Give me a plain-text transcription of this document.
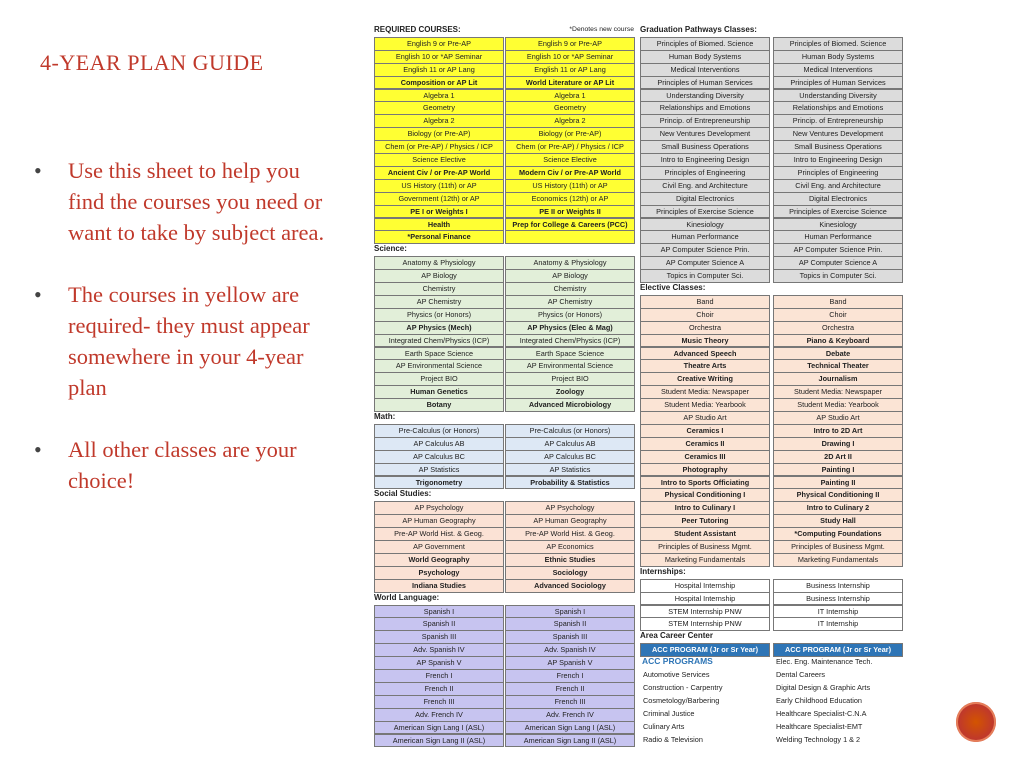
4-YEAR PLAN GUIDE
• Use this sheet to help you find the courses you need or want to take by subject area.
• The courses in yellow are required- they must appear somewhere in your 4-year plan
• All other classes are your choice!
REQUIRED COURSES:	*Denotes new course
English 9 or Pre-AP	English 9 or Pre-AP
English 10 or *AP Seminar	English 10 or *AP Seminar
English 11 or AP Lang	English 11 or AP Lang
Composition or AP Lit	World Literature or AP Lit
Algebra 1	Algebra 1
Geometry	Geometry
Algebra 2	Algebra 2
Biology (or Pre-AP)	Biology (or Pre-AP)
Chem (or Pre-AP) / Physics / ICP	Chem (or Pre-AP) / Physics / ICP
Science Elective	Science Elective
Ancient Civ / or Pre-AP World	Modern Civ / or Pre-AP World
US History (11th) or AP	US History (11th) or AP
Government (12th) or AP	Economics (12th) or AP
PE I or Weights I	PE II or Weights II
Health	Prep for College & Careers (PCC)
*Personal Finance
Science:
Anatomy & Physiology	Anatomy & Physiology
AP Biology	AP Biology
Chemistry	Chemistry
AP Chemistry	AP Chemistry
Physics (or Honors)	Physics (or Honors)
AP Physics (Mech)	AP Physics (Elec & Mag)
Integrated Chem/Physics (ICP)	Integrated Chem/Physics (ICP)
Earth Space Science	Earth Space Science
AP Environmental Science	AP Environmental Science
Project BIO	Project BIO
Human Genetics	Zoology
Botany	Advanced Microbiology
Math:
Pre-Calculus (or Honors)	Pre-Calculus (or Honors)
AP Calculus AB	AP Calculus AB
AP Calculus BC	AP Calculus BC
AP Statistics	AP Statistics
Trigonometry	Probability & Statistics
Social Studies:
AP Psychology	AP Psychology
AP Human Geography	AP Human Geography
Pre-AP World Hist. & Geog.	Pre-AP World Hist. & Geog.
AP Government	AP Economics
World Geography	Ethnic Studies
Psychology	Sociology
Indiana Studies	Advanced Sociology
World Language:
Spanish I	Spanish I
Spanish II	Spanish II
Spanish III	Spanish III
Adv. Spanish IV	Adv. Spanish IV
AP Spanish V	AP Spanish V
French I	French I
French II	French II
French III	French III
Adv. French IV	Adv. French IV
American Sign Lang I (ASL)	American Sign Lang I (ASL)
American Sign Lang II (ASL)	American Sign Lang II (ASL)
Graduation Pathways Classes:
Principles of Biomed. Science	Principles of Biomed. Science
Human Body Systems	Human Body Systems
Medical Interventions	Medical Interventions
Principles of Human Services	Principles of Human Services
Understanding Diversity	Understanding Diversity
Relationships and Emotions	Relationships and Emotions
Princip. of Entrepreneurship	Princip. of Entrepreneurship
New Ventures Development	New Ventures Development
Small Business Operations	Small Business Operations
Intro to Engineering Design	Intro to Engineering Design
Principles of Engineering	Principles of Engineering
Civil Eng. and Architecture	Civil Eng. and Architecture
Digital Electronics	Digital Electronics
Principles of Exercise Science	Principles of Exercise Science
Kinesiology	Kinesiology
Human Performance	Human Performance
AP Computer Science Prin.	AP Computer Science Prin.
AP Computer Science A	AP Computer Science A
Topics in Computer Sci.	Topics in Computer Sci.
Elective Classes:
Band	Band
Choir	Choir
Orchestra	Orchestra
Music Theory	Piano & Keyboard
Advanced Speech	Debate
Theatre Arts	Technical Theater
Creative Writing	Journalism
Student Media: Newspaper	Student Media: Newspaper
Student Media: Yearbook	Student Media: Yearbook
AP Studio Art	AP Studio Art
Ceramics I	Intro to 2D Art
Ceramics II	Drawing I
Ceramics III	2D Art II
Photography	Painting I
Intro to Sports Officiating	Painting II
Physical Conditioning I	Physical Conditioning II
Intro to Culinary I	Intro to Culinary 2
Peer Tutoring	Study Hall
Student Assistant	*Computing Foundations
Principles of Business Mgmt.	Principles of Business Mgmt.
Marketing Fundamentals	Marketing Fundamentals
Internships:
Hospital Internship	Business Internship
Hospital Internship	Business Internship
STEM Internship PNW	IT Internship
STEM Internship PNW	IT Internship
Area Career Center
ACC PROGRAM (Jr or Sr Year)	ACC PROGRAM (Jr or Sr Year)
ACC PROGRAMS	Elec. Eng. Maintenance Tech.
Automotive Services	Dental Careers
Construction - Carpentry	Digital Design & Graphic Arts
Cosmetology/Barbering	Early Childhood Education
Criminal Justice	Healthcare Specialist-C.N.A
Culinary Arts	Healthcare Specialist-EMT
Radio & Television	Welding Technology 1 & 2
